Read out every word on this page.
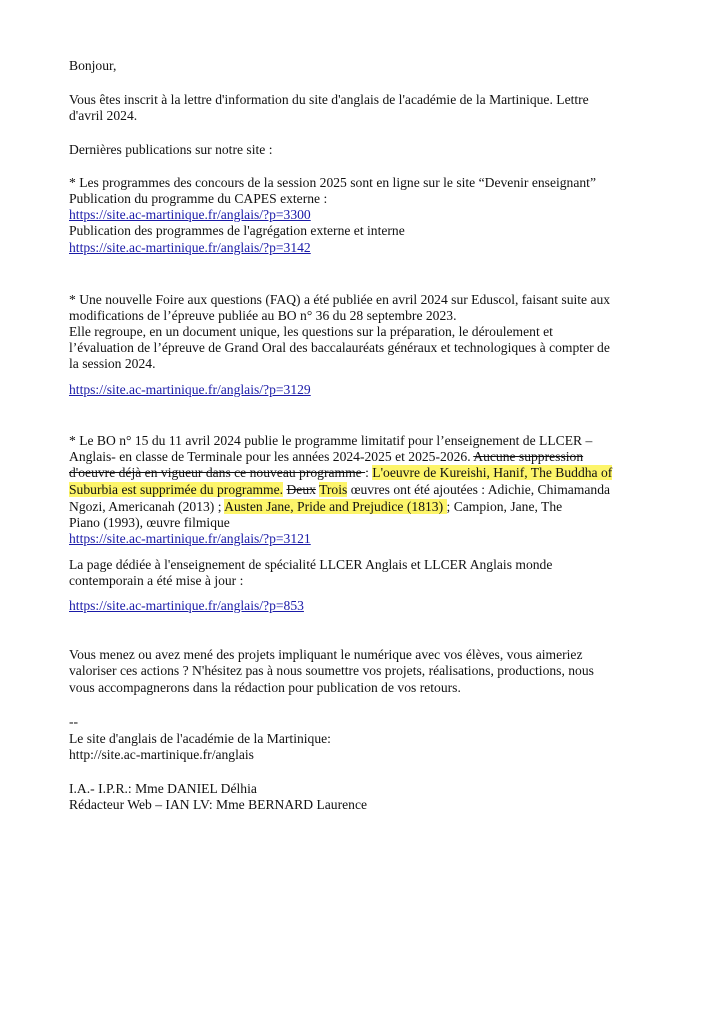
Bonjour,
Vous êtes inscrit à la lettre d'information du site d'anglais de l'académie de la Martinique. Lettre
d'avril 2024.
Dernières publications sur notre site :
* Les programmes des concours de la session 2025 sont en ligne sur le site “Devenir enseignant”
Publication du programme du CAPES externe :
https://site.ac-martinique.fr/anglais/?p=3300
Publication des programmes de l'agrégation externe et interne
https://site.ac-martinique.fr/anglais/?p=3142
* Une nouvelle Foire aux questions (FAQ) a été publiée en avril 2024 sur Eduscol, faisant suite aux
modifications de l’épreuve publiée au BO n° 36 du 28 septembre 2023.
Elle regroupe, en un document unique, les questions sur la préparation, le déroulement et
l’évaluation de l’épreuve de Grand Oral des baccalauréats généraux et technologiques à compter de
la session 2024.
https://site.ac-martinique.fr/anglais/?p=3129
* Le BO n° 15 du 11 avril 2024 publie le programme limitatif pour l’enseignement de LLCER –
Anglais- en classe de Terminale pour les années 2024-2025 et 2025-2026. Aucune suppression
d'oeuvre déjà en vigueur dans ce nouveau programme : L'oeuvre de Kureishi, Hanif, The Buddha of
Suburbia est supprimée du programme. Deux Trois œuvres ont été ajoutées : Adichie, Chimamanda
Ngozi, Americanah (2013) ; Austen Jane, Pride and Prejudice (1813) ; Campion, Jane, The
Piano (1993), œuvre filmique
https://site.ac-martinique.fr/anglais/?p=3121
La page dédiée à l'enseignement de spécialité LLCER Anglais et LLCER Anglais monde
contemporain a été mise à jour :
https://site.ac-martinique.fr/anglais/?p=853
Vous menez ou avez mené des projets impliquant le numérique avec vos élèves, vous aimeriez
valoriser ces actions ? N'hésitez pas à nous soumettre vos projets, réalisations, productions, nous
vous accompagnerons dans la rédaction pour publication de vos retours.
--
Le site d'anglais de l'académie de la Martinique:
http://site.ac-martinique.fr/anglais
I.A.- I.P.R.: Mme DANIEL Délhia
Rédacteur Web – IAN LV: Mme BERNARD Laurence
